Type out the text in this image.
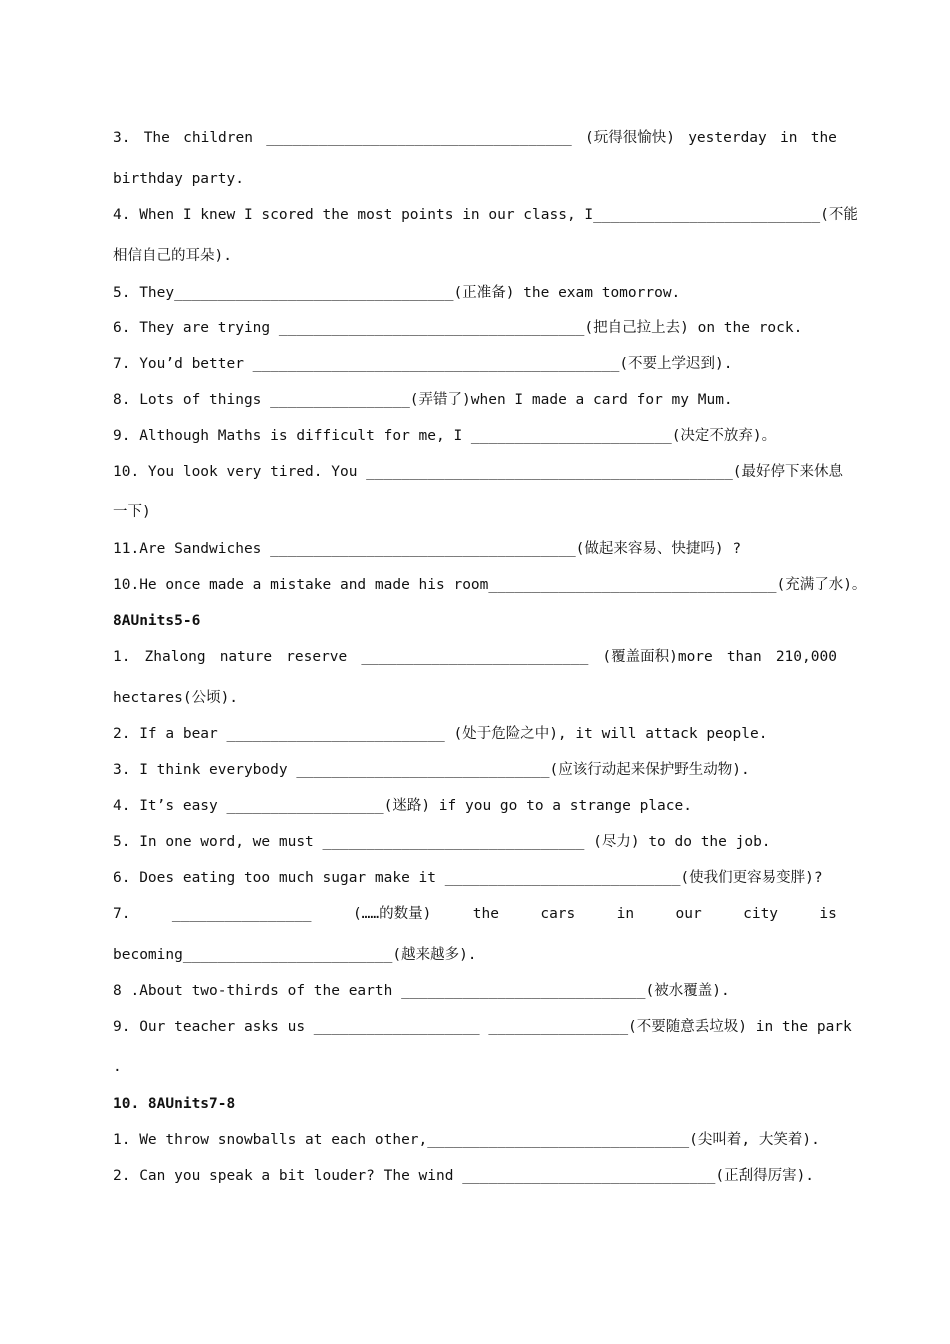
3. The children ___________________________________ (玩得很愉快) yesterday in the
birthday party.
4. When I knew I scored the most points in our class, I__________________________(不能
相信自己的耳朵).
5. They________________________________(正准备) the exam tomorrow.
6. They are trying ___________________________________(把自己拉上去) on the rock.
7. You’d better __________________________________________(不要上学迟到).
8. Lots of things ________________(弄错了)when I made a card for my Mum.
9. Although Maths is difficult for me, I _______________________(决定不放弃)。
10. You look very tired. You __________________________________________(最好停下来休息
一下)
11.Are Sandwiches ___________________________________(做起来容易、快捷吗) ?
10.He once made a mistake and made his room_________________________________(充满了水)。
8AUnits5-6
1. Zhalong nature reserve __________________________ (覆盖面积)more than 210,000
hectares(公顷).
2. If a bear _________________________ (处于危险之中), it will attack people.
3. I think everybody _____________________________(应该行动起来保护野生动物).
4. It’s easy __________________(迷路) if you go to a strange place.
5. In one word, we must ______________________________ (尽力) to do the job.
6. Does eating too much sugar make it ___________________________(使我们更容易变胖)?
7.	________________	(……的数量)	the	cars	in	our	city	is
becoming________________________(越来越多).
8 .About two-thirds of the earth ____________________________(被水覆盖).
9. Our teacher asks us ___________________ ________________(不要随意丢垃圾) in the park
.
10. 8AUnits7-8
1. We throw snowballs at each other,______________________________(尖叫着, 大笑着).
2. Can you speak a bit louder? The wind _____________________________(正刮得厉害).
